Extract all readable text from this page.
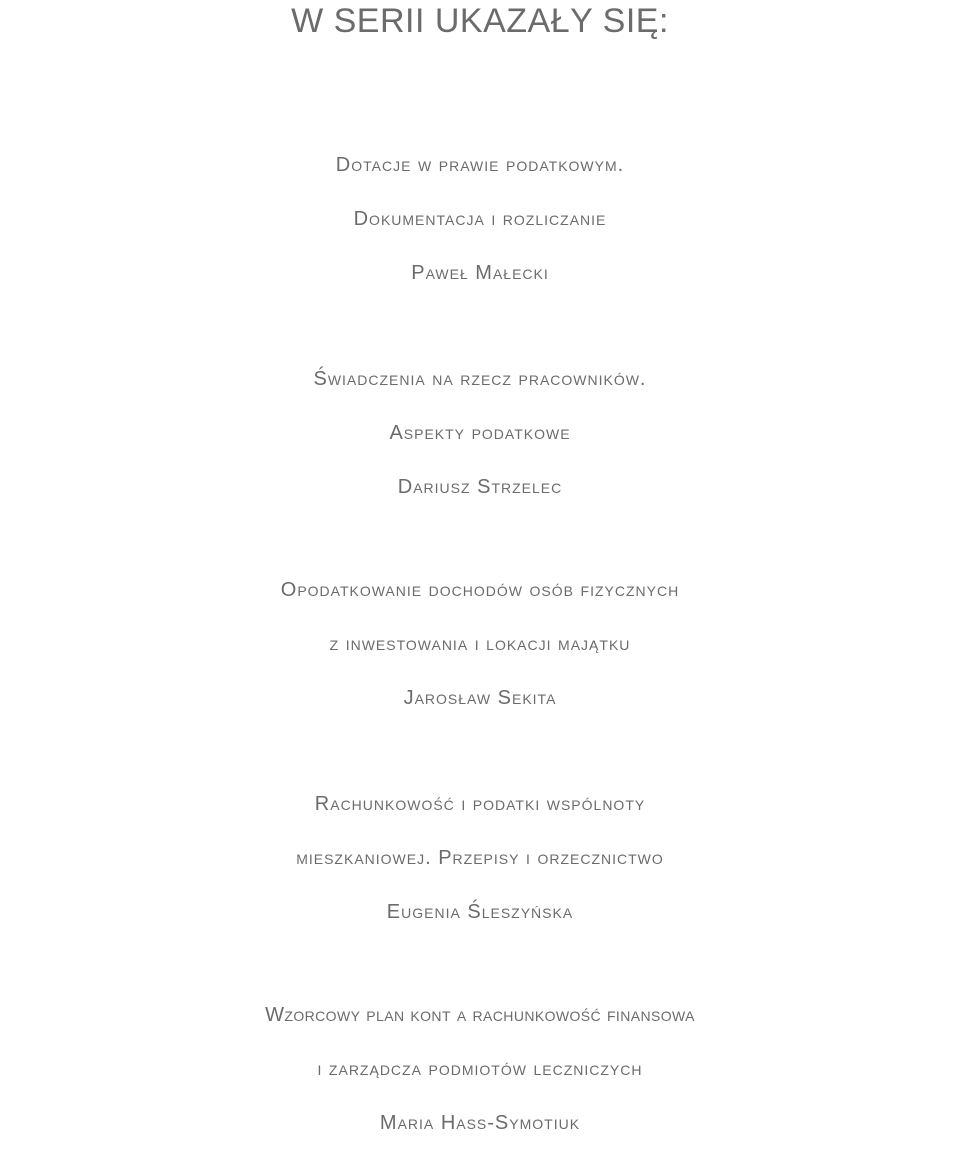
W SERII UKAZAŁY SIĘ:
Dotacje w prawie podatkowym.
Dokumentacja i rozliczanie
Paweł Małecki
Świadczenia na rzecz pracowników.
Aspekty podatkowe
Dariusz Strzelec
Opodatkowanie dochodów osób fizycznych
z inwestowania i lokacji majątku
Jarosław Sekita
Rachunkowość i podatki wspólnoty
mieszkaniowej. Przepisy i orzecznictwo
Eugenia Śleszyńska
Wzorcowy plan kont a rachunkowość finansowa
i zarządcza podmiotów leczniczych
Maria Hass-Symotiuk
